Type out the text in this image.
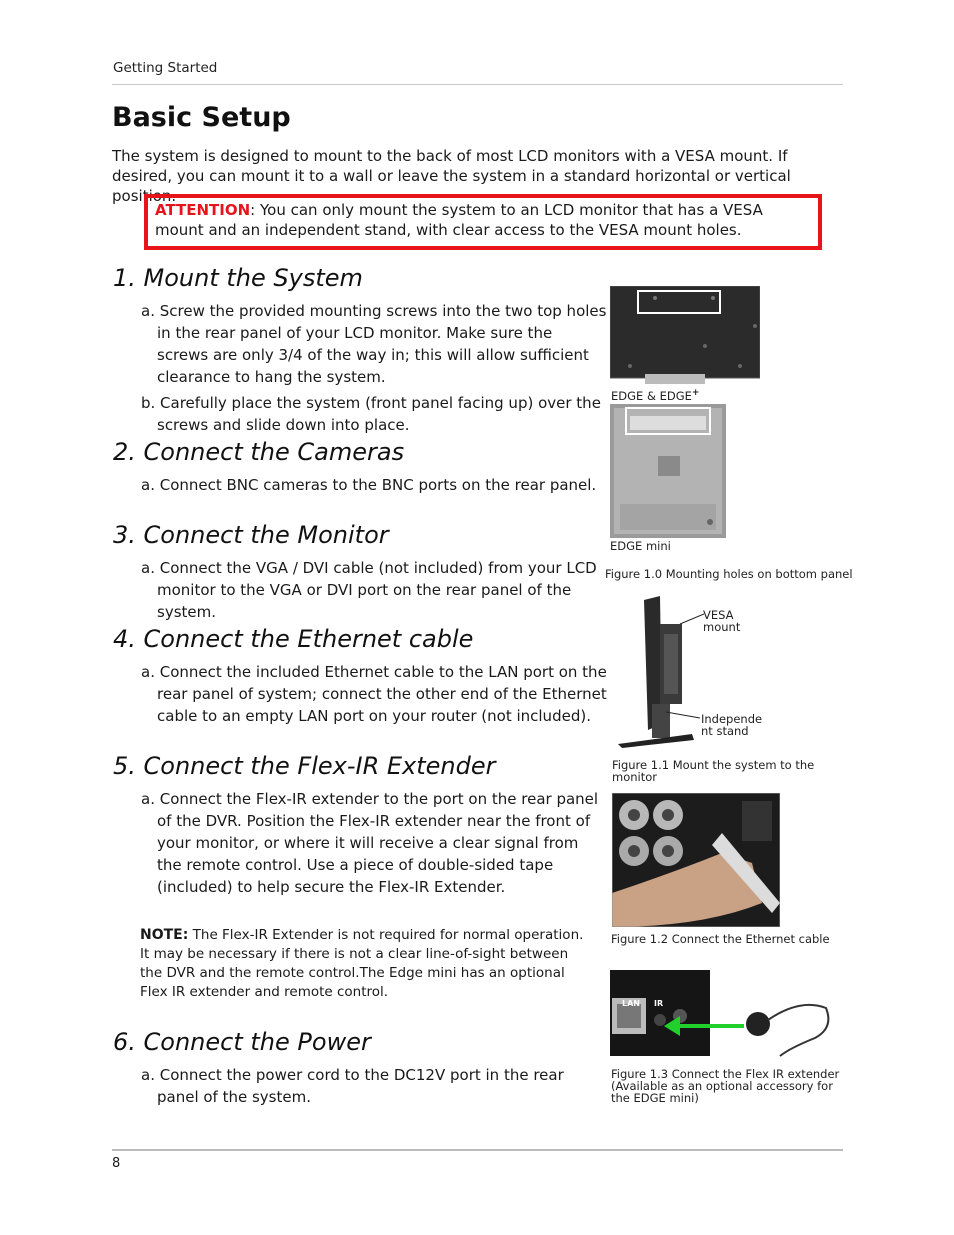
Getting Started
Basic Setup
The system is designed to mount to the back of most LCD monitors with a VESA mount. If desired, you can mount it to a wall or leave the system in a standard horizontal or vertical position.
ATTENTION: You can only mount the system to an LCD monitor that has a VESA mount and an independent stand, with clear access to the VESA mount holes.
1. Mount the System
a. Screw the provided mounting screws into the two top holes in the rear panel of your LCD monitor. Make sure the screws are only 3/4 of the way in; this will allow sufficient clearance to hang the system.
b. Carefully place the system (front panel facing up) over the screws and slide down into place.
2. Connect the Cameras
a. Connect BNC cameras to the BNC ports on the rear panel.
3. Connect the Monitor
a. Connect the VGA / DVI cable (not included) from your LCD monitor to the VGA or DVI port on the rear panel of the system.
4. Connect the Ethernet cable
a. Connect the included Ethernet cable to the LAN port on the rear panel of system; connect the other end of the Ethernet cable to an empty LAN port on your router (not included).
5. Connect the Flex-IR Extender
a. Connect the Flex-IR extender to the port on the rear panel of the DVR. Position the Flex-IR extender near the front of your monitor, or where it will receive a clear signal from the remote control. Use a piece of double-sided tape (included) to help secure the Flex-IR Extender.
NOTE: The Flex-IR Extender is not required for normal operation. It may be necessary if there is not a clear line-of-sight between the DVR and the remote control.The Edge mini has an optional Flex IR extender and remote control.
6. Connect the Power
a. Connect the power cord to the DC12V port in the rear panel of the system.
EDGE & EDGE+
EDGE mini
Figure 1.0 Mounting holes on bottom panel
VESA mount
Independe nt stand
Figure 1.1 Mount the system to the monitor
Figure 1.2 Connect the Ethernet cable
LAN IR
Figure 1.3 Connect the Flex IR extender (Available as an optional accessory for the EDGE mini)
8
